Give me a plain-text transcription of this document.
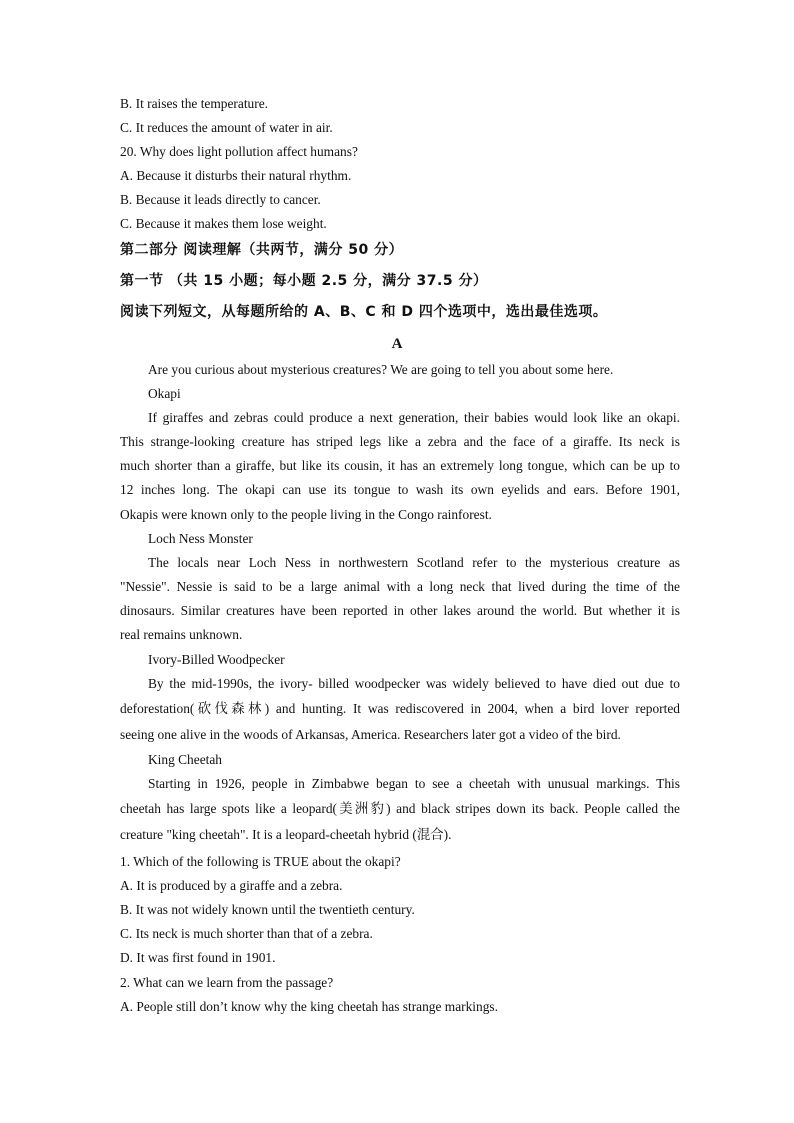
B. It raises the temperature.

C. It reduces the amount of water in air.

20. Why does light pollution affect humans?

A. Because it disturbs their natural rhythm.

B. Because it leads directly to cancer.

C. Because it makes them lose weight.

第二部分 阅读理解（共两节，满分 50 分）

第一节 （共 15 小题；每小题 2.5 分，满分 37.5 分）

阅读下列短文，从每题所给的 A、B、C 和 D 四个选项中，选出最佳选项。

A

Are you curious about mysterious creatures? We are going to tell you about some here.

Okapi

If giraffes and zebras could produce a next generation, their babies would look like an okapi.

This strange-looking creature has striped legs like a zebra and the face of a giraffe. Its neck is

much shorter than a giraffe, but like its cousin, it has an extremely long tongue, which can be up to

12 inches long. The okapi can use its tongue to wash its own eyelids and ears. Before 1901,

Okapis were known only to the people living in the Congo rainforest.

Loch Ness Monster

The locals near Loch Ness in northwestern Scotland refer to the mysterious creature as

"Nessie". Nessie is said to be a large animal with a long neck that lived during the time of the

dinosaurs. Similar creatures have been reported in other lakes around the world. But whether it is

real remains unknown.

Ivory-Billed Woodpecker

By the mid-1990s, the ivory- billed woodpecker was widely believed to have died out due to

deforestation(砍伐森林) and hunting. It was rediscovered in 2004, when a bird lover reported

seeing one alive in the woods of Arkansas, America. Researchers later got a video of the bird.

King Cheetah

Starting in 1926, people in Zimbabwe began to see a cheetah with unusual markings. This

cheetah has large spots like a leopard(美洲豹) and black stripes down its back. People called the

creature "king cheetah". It is a leopard-cheetah hybrid (混合).

1. Which of the following is TRUE about the okapi?

A. It is produced by a giraffe and a zebra.

B. It was not widely known until the twentieth century.

C. Its neck is much shorter than that of a zebra.

D. It was first found in 1901.

2. What can we learn from the passage?

A. People still don’t know why the king cheetah has strange markings.
